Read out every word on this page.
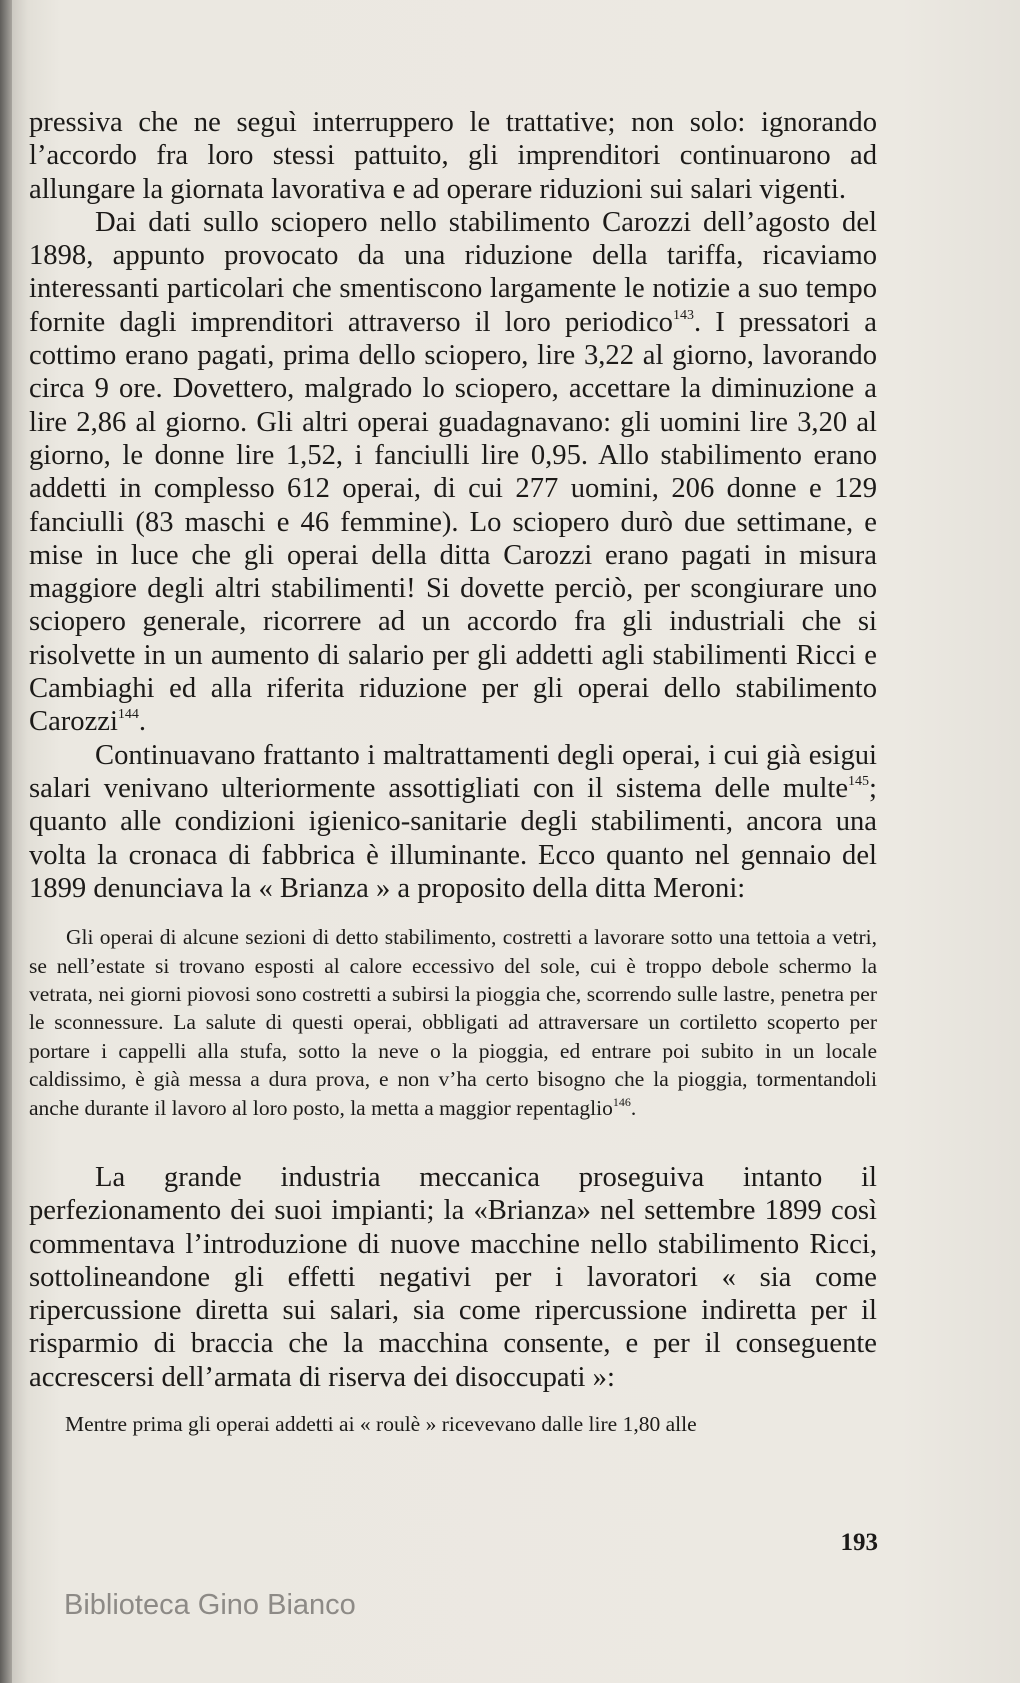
pressiva che ne seguì interruppero le trattative; non solo: ignorando l’accordo fra loro stessi pattuito, gli imprenditori continuarono ad allungare la giornata lavorativa e ad operare riduzioni sui salari vigenti.

Dai dati sullo sciopero nello stabilimento Carozzi dell’agosto del 1898, appunto provocato da una riduzione della tariffa, ricaviamo interessanti particolari che smentiscono largamente le notizie a suo tempo fornite dagli imprenditori attraverso il loro periodico$^{143}$. I pressatori a cottimo erano pagati, prima dello sciopero, lire 3,22 al giorno, lavorando circa 9 ore. Dovettero, malgrado lo sciopero, accettare la diminuzione a lire 2,86 al giorno. Gli altri operai guadagnavano: gli uomini lire 3,20 al giorno, le donne lire 1,52, i fanciulli lire 0,95. Allo stabilimento erano addetti in complesso 612 operai, di cui 277 uomini, 206 donne e 129 fanciulli (83 maschi e 46 femmine). Lo sciopero durò due settimane, e mise in luce che gli operai della ditta Carozzi erano pagati in misura maggiore degli altri stabilimenti! Si dovette perciò, per scongiurare uno sciopero generale, ricorrere ad un accordo fra gli industriali che si risolvette in un aumento di salario per gli addetti agli stabilimenti Ricci e Cambiaghi ed alla riferita riduzione per gli operai dello stabilimento Carozzi$^{144}$.

Continuavano frattanto i maltrattamenti degli operai, i cui già esigui salari venivano ulteriormente assottigliati con il sistema delle multe$^{145}$; quanto alle condizioni igienico-sanitarie degli stabilimenti, ancora una volta la cronaca di fabbrica è illuminante. Ecco quanto nel gennaio del 1899 denunciava la « Brianza » a proposito della ditta Meroni:

Gli operai di alcune sezioni di detto stabilimento, costretti a lavorare sotto una tettoia a vetri, se nell’estate si trovano esposti al calore eccessivo del sole, cui è troppo debole schermo la vetrata, nei giorni piovosi sono costretti a subirsi la pioggia che, scorrendo sulle lastre, penetra per le sconnessure. La salute di questi operai, obbligati ad attraversare un cortiletto scoperto per portare i cappelli alla stufa, sotto la neve o la pioggia, ed entrare poi subito in un locale caldissimo, è già messa a dura prova, e non v’ha certo bisogno che la pioggia, tormentandoli anche durante il lavoro al loro posto, la metta a maggior repentaglio$^{146}$.

La grande industria meccanica proseguiva intanto il perfezionamento dei suoi impianti; la «Brianza» nel settembre 1899 così commentava l’introduzione di nuove macchine nello stabilimento Ricci, sottolineandone gli effetti negativi per i lavoratori « sia come ripercussione diretta sui salari, sia come ripercussione indiretta per il risparmio di braccia che la macchina consente, e per il conseguente accrescersi dell’armata di riserva dei disoccupati »:

Mentre prima gli operai addetti ai « roulè » ricevevano dalle lire 1,80 alle

193
Biblioteca Gino Bianco
